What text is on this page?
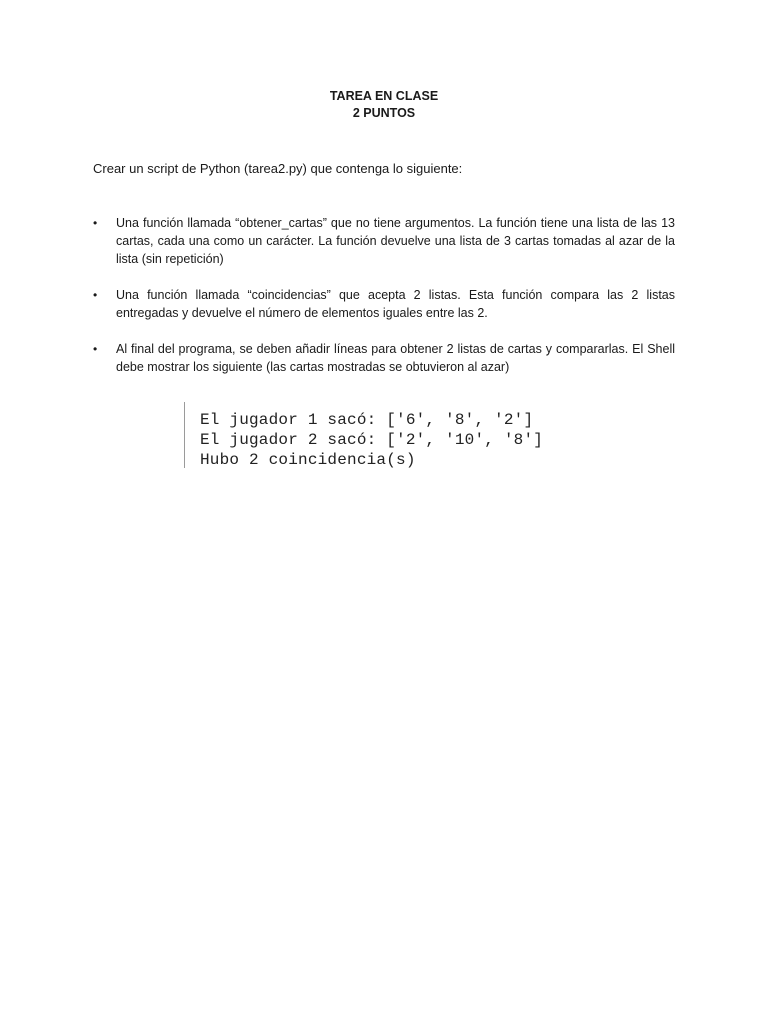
TAREA EN CLASE
2 PUNTOS
Crear un script de Python (tarea2.py) que contenga lo siguiente:
•	Una función llamada “obtener_cartas” que no tiene argumentos. La función tiene una lista de las 13 cartas, cada una como un carácter. La función devuelve una lista de 3 cartas tomadas al azar de la lista (sin repetición)
•	Una función llamada “coincidencias” que acepta 2 listas. Esta función compara las 2 listas entregadas y devuelve el número de elementos iguales entre las 2.
•	Al final del programa, se deben añadir líneas para obtener 2 listas de cartas y compararlas. El Shell debe mostrar los siguiente (las cartas mostradas se obtuvieron al azar)
El jugador 1 sacó: ['6', '8', '2']
El jugador 2 sacó: ['2', '10', '8']
Hubo 2 coincidencia(s)
